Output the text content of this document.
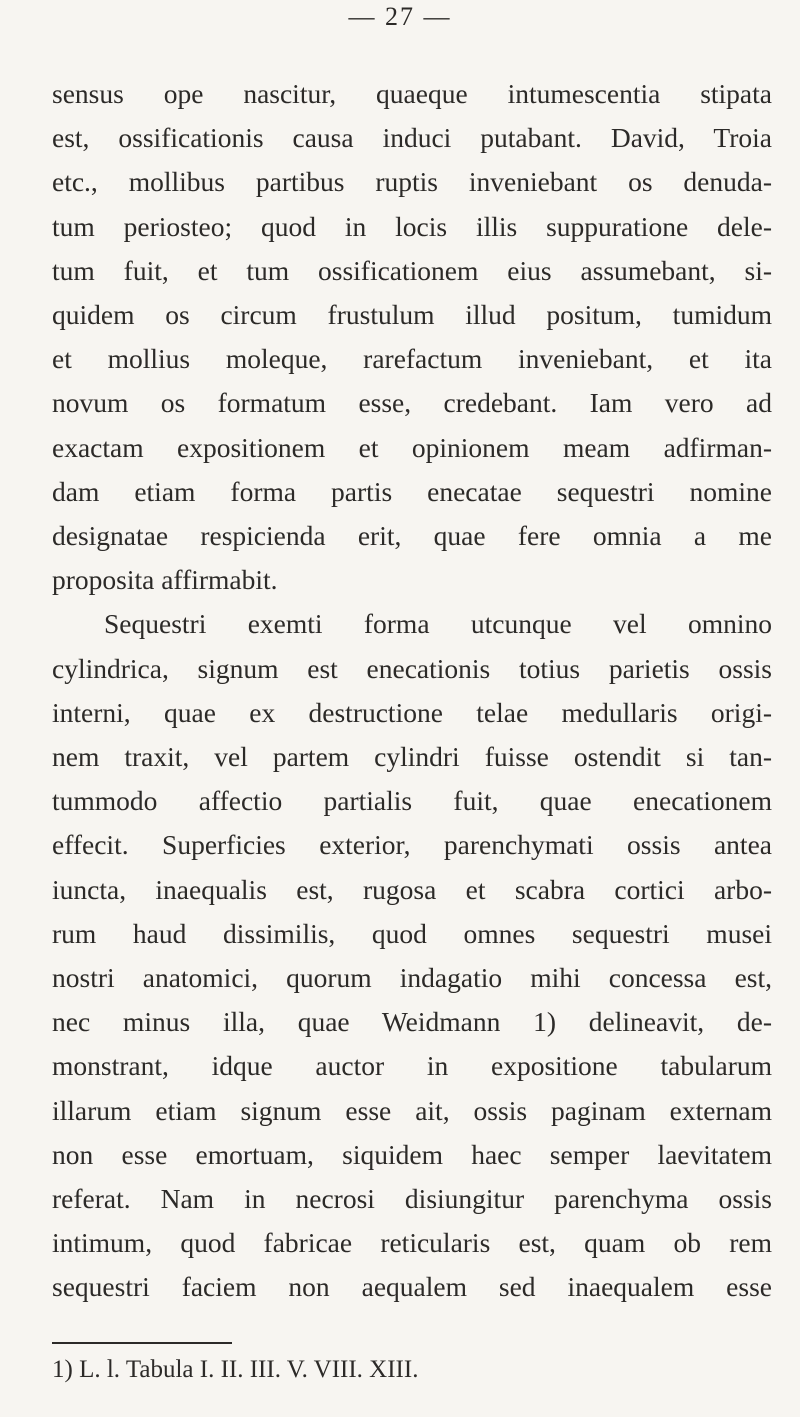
— 27 —
sensus ope nascitur, quaeque intumescentia stipata
est, ossificationis causa induci putabant. David, Troia
etc., mollibus partibus ruptis inveniebant os denuda-
tum periosteo; quod in locis illis suppuratione dele-
tum fuit, et tum ossificationem eius assumebant, si-
quidem os circum frustulum illud positum, tumidum
et mollius moleque, rarefactum inveniebant, et ita
novum os formatum esse, credebant. Iam vero ad
exactam expositionem et opinionem meam adfirman-
dam etiam forma partis enecatae sequestri nomine
designatae respicienda erit, quae fere omnia a me
proposita affirmabit.
Sequestri exemti forma utcunque vel omnino
cylindrica, signum est enecationis totius parietis ossis
interni, quae ex destructione telae medullaris origi-
nem traxit, vel partem cylindri fuisse ostendit si tan-
tummodo affectio partialis fuit, quae enecationem
effecit. Superficies exterior, parenchymati ossis antea
iuncta, inaequalis est, rugosa et scabra cortici arbo-
rum haud dissimilis, quod omnes sequestri musei
nostri anatomici, quorum indagatio mihi concessa est,
nec minus illa, quae Weidmann 1) delineavit, de-
monstrant, idque auctor in expositione tabularum
illarum etiam signum esse ait, ossis paginam externam
non esse emortuam, siquidem haec semper laevitatem
referat. Nam in necrosi disiungitur parenchyma ossis
intimum, quod fabricae reticularis est, quam ob rem
sequestri faciem non aequalem sed inaequalem esse
1) L. l. Tabula I. II. III. V. VIII. XIII.
